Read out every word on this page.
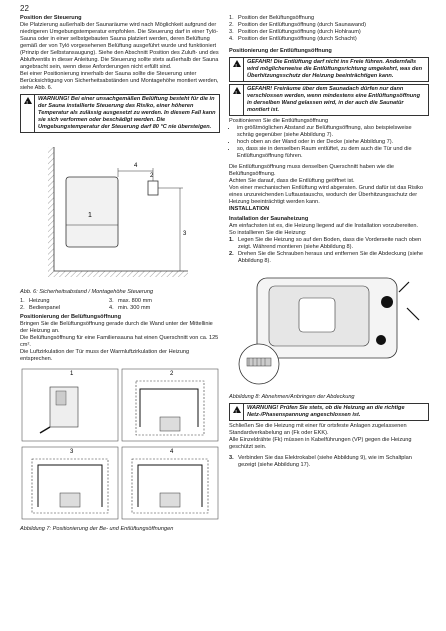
22

Position der Steuerung

Die Platzierung außerhalb der Saunaräume wird nach Möglichkeit aufgrund der niedrigeren Umgebungstemperatur empfohlen. Die Steuerung darf in einer Tylö-Sauna oder in einer selbstgebauten Sauna platziert werden, deren Belüftung gemäß der von Tylö vorgesehenen Belüftung ausgeführt wurde und funktioniert (Prinzip der Selbstansaugung). Siehe den Abschnitt Position des Zuluft- und des Abluftventils in dieser Anleitung. Die Steuerung sollte stets außerhalb der Sauna angebracht sein, wenn diese Anforderungen nicht erfüllt sind.

Bei einer Positionierung innerhalb der Sauna sollte die Steuerung unter Berücksichtigung von Sicherheitsabständen und Montagehöhe montiert werden, siehe Abb. 6.

!	WARNUNG! Bei einer unsachgemäßen Belüftung besteht für die in der Sauna installierte Steuerung das Risiko, einer höheren Temperatur als zulässig ausgesetzt zu werden. In diesem Fall kann sie sich verformen oder beschädigt werden. Die Umgebungstemperatur der Steuerung darf 80 °C nie übersteigen.
4
3
1
2

Abb. 6: Sicherheitsabstand / Montagehöhe Steuerung

1. Heizung	3. max. 800 mm
2. Bedienpanel	4. min. 300 mm

Positionierung der Belüftungsöffnung

Bringen Sie die Belüftungsöffnung gerade durch die Wand unter der Mittellinie der Heizung an.

Die Belüftungsöffnung für eine Familiensauna hat einen Querschnitt von ca. 125 cm².

Die Luftzirkulation der Tür muss der Warmluftzirkulation der Heizung entsprechen.

1	2
3	4

Abbildung 7: Positionierung der Be- und Entlüftungsöffnungen

1. Position der Belüftungsöffnung
2. Position der Entlüftungsöffnung (durch Saunawand)
3. Position der Entlüftungsöffnung (durch Hohlraum)
4. Position der Entlüftungsöffnung (durch Schacht)

Positionierung der Entlüftungsöffnung

!	GEFAHR! Die Entlüftung darf nicht ins Freie führen. Andernfalls wird möglicherweise die Entlüftungsrichtung umgekehrt, was den Überhitzungsschutz der Heizung beeinträchtigen kann.
!	GEFAHR! Freiräume über dem Saunadach dürfen nur dann verschlossen werden, wenn mindestens eine Entlüftungsöffnung in derselben Wand gelassen wird, in der auch die Saunatür montiert ist.

Positionieren Sie die Entlüftungsöffnung

• im größtmöglichen Abstand zur Belüftungsöffnung, also beispielsweise schräg gegenüber (siehe Abbildung 7).
• hoch oben an der Wand oder in der Decke (siehe Abbildung 7).
• so, dass sie in denselben Raum entlüftet, zu dem auch die Tür und die Entlüftungsöffnung führen.

Die Entlüftungsöffnung muss denselben Querschnitt haben wie die Belüftungsöffnung.

Achten Sie darauf, dass die Entlüftung geöffnet ist.

Von einer mechanischen Entlüftung wird abgeraten. Grund dafür ist das Risiko eines unzureichenden Luftaustauschs, wodurch der Überhitzungsschutz der Heizung beeinträchtigt werden kann.

INSTALLATION

Installation der Saunaheizung

Am einfachsten ist es, die Heizung liegend auf die Installation vorzubereiten.

So installieren Sie die Heizung:

1. Legen Sie die Heizung so auf den Boden, dass die Vorderseite nach oben zeigt. Während montieren (siehe Abbildung 8).
2. Drehen Sie die Schrauben heraus und entfernen Sie die Abdeckung (siehe Abbildung 8).

Abbildung 8: Abnehmen/Anbringen der Abdeckung

!	WARNUNG! Prüfen Sie stets, ob die Heizung an die richtige Netz-/Phasenspannung angeschlossen ist.

Schließen Sie die Heizung mit einer für ortsfeste Anlagen zugelassenen Standardverkabelung an (Fk oder EKK).

Alle Einzeldrähte (Fk) müssen in Kabelführungen (VP) gegen die Heizung geschützt sein.

3. Verbinden Sie das Elektrokabel (siehe Abbildung 9), wie im Schaltplan gezeigt (siehe Abbildung 17).
